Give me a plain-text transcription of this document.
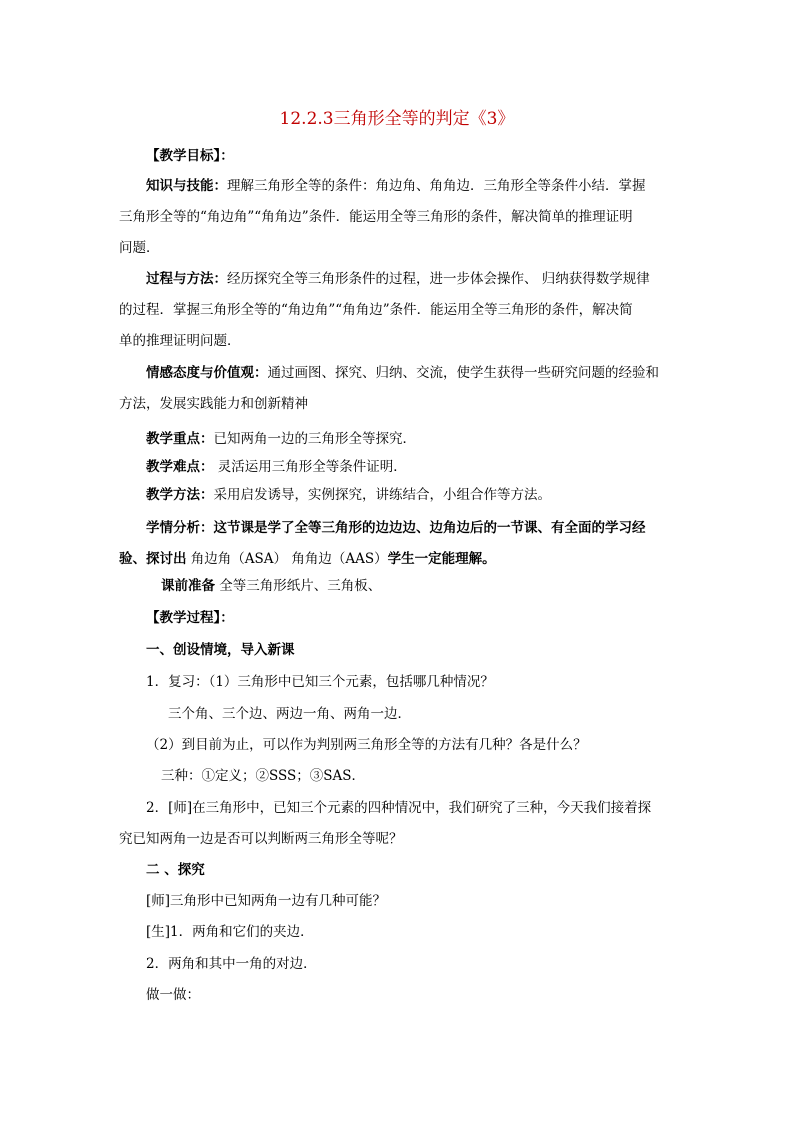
12.2.3三角形全等的判定《3》
【教学目标】：
知识与技能：理解三角形全等的条件：角边角、角角边．三角形全等条件小结．掌握
三角形全等的“角边角”“角角边”条件．能运用全等三角形的条件，解决简单的推理证明
问题．
过程与方法：经历探究全等三角形条件的过程，进一步体会操作、 归纳获得数学规律
的过程．掌握三角形全等的“角边角”“角角边”条件．能运用全等三角形的条件，解决简
单的推理证明问题．
情感态度与价值观：通过画图、探究、归纳、交流，使学生获得一些研究问题的经验和
方法，发展实践能力和创新精神
教学重点：已知两角一边的三角形全等探究．
教学难点： 灵活运用三角形全等条件证明．
教学方法：采用启发诱导，实例探究，讲练结合，小组合作等方法。
学情分析：这节课是学了全等三角形的边边边、边角边后的一节课、有全面的学习经
验、探讨出 角边角（ASA） 角角边（AAS）学生一定能理解。
课前准备 全等三角形纸片、三角板、
【教学过程】：
一、创设情境，导入新课
1．复习：（1）三角形中已知三个元素，包括哪几种情况？
三个角、三个边、两边一角、两角一边．
（2）到目前为止，可以作为判别两三角形全等的方法有几种？各是什么？
三种：①定义；②SSS；③SAS．
2．[师]在三角形中，已知三个元素的四种情况中，我们研究了三种，今天我们接着探
究已知两角一边是否可以判断两三角形全等呢？
二 、探究
[师]三角形中已知两角一边有几种可能？
[生]1．两角和它们的夹边．
2．两角和其中一角的对边．
做一做：
